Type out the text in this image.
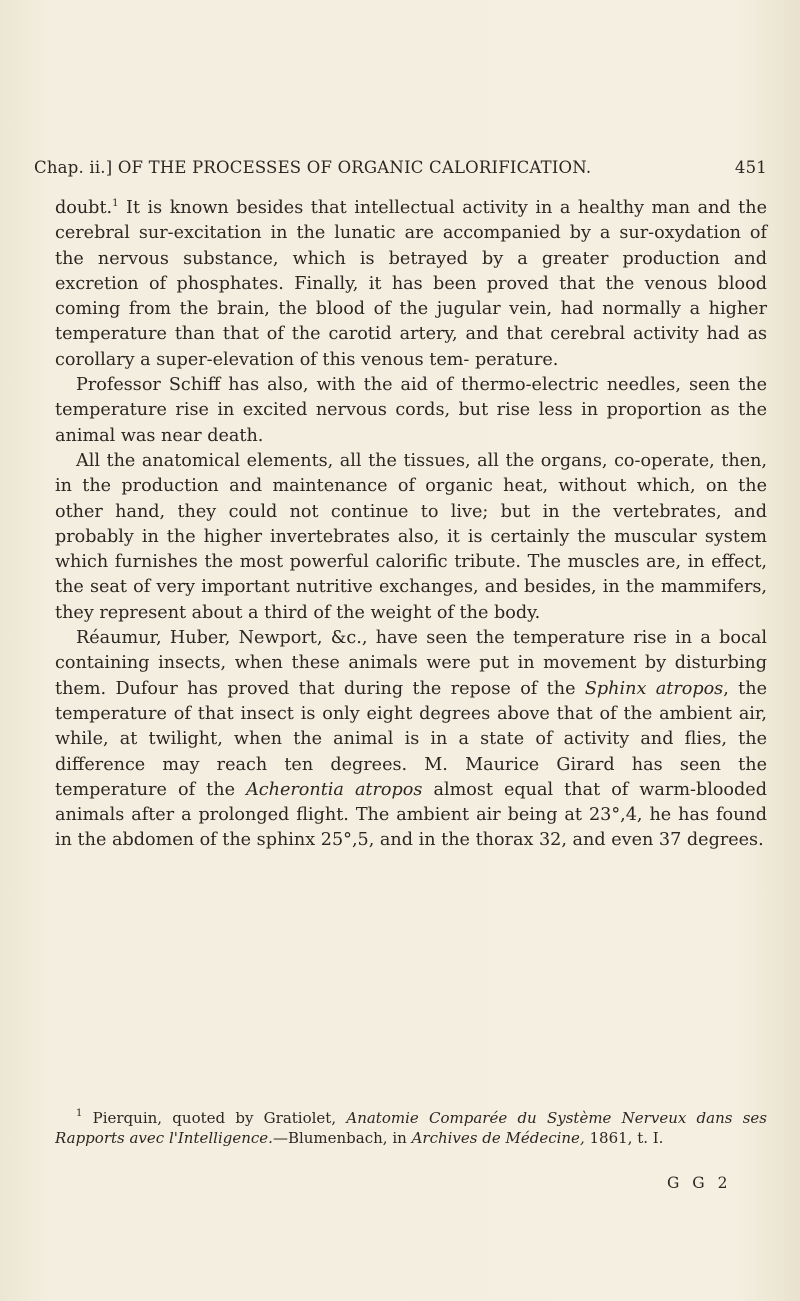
Chap. ii.] OF THE PROCESSES OF ORGANIC CALORIFICATION.	451

doubt.$^1$ It is known besides that intellectual activity in a healthy man and the cerebral sur-excitation in the lunatic are accompanied by a sur-oxydation of the nervous substance, which is betrayed by a greater production and excretion of phosphates. Finally, it has been proved that the venous blood coming from the brain, the blood of the jugular vein, had normally a higher temperature than that of the carotid artery, and that cerebral activity had as corollary a super-elevation of this venous tem- perature.

Professor Schiff has also, with the aid of thermo-electric needles, seen the temperature rise in excited nervous cords, but rise less in proportion as the animal was near death.

All the anatomical elements, all the tissues, all the organs, co-operate, then, in the production and maintenance of organic heat, without which, on the other hand, they could not continue to live; but in the vertebrates, and probably in the higher invertebrates also, it is certainly the muscular system which furnishes the most powerful calorific tribute. The muscles are, in effect, the seat of very important nutritive exchanges, and besides, in the mammifers, they represent about a third of the weight of the body.

Réaumur, Huber, Newport, &c., have seen the temperature rise in a bocal containing insects, when these animals were put in movement by disturbing them. Dufour has proved that during the repose of the Sphinx atropos, the temperature of that insect is only eight degrees above that of the ambient air, while, at twilight, when the animal is in a state of activity and flies, the difference may reach ten degrees. M. Maurice Girard has seen the temperature of the Acherontia atropos almost equal that of warm-blooded animals after a prolonged flight. The ambient air being at 23°,4, he has found in the abdomen of the sphinx 25°,5, and in the thorax 32, and even 37 degrees.

$^1$ Pierquin, quoted by Gratiolet, Anatomie Comparée du Système Nerveux dans ses Rapports avec l'Intelligence.—Blumenbach, in Archives de Médecine, 1861, t. I.
G G 2
